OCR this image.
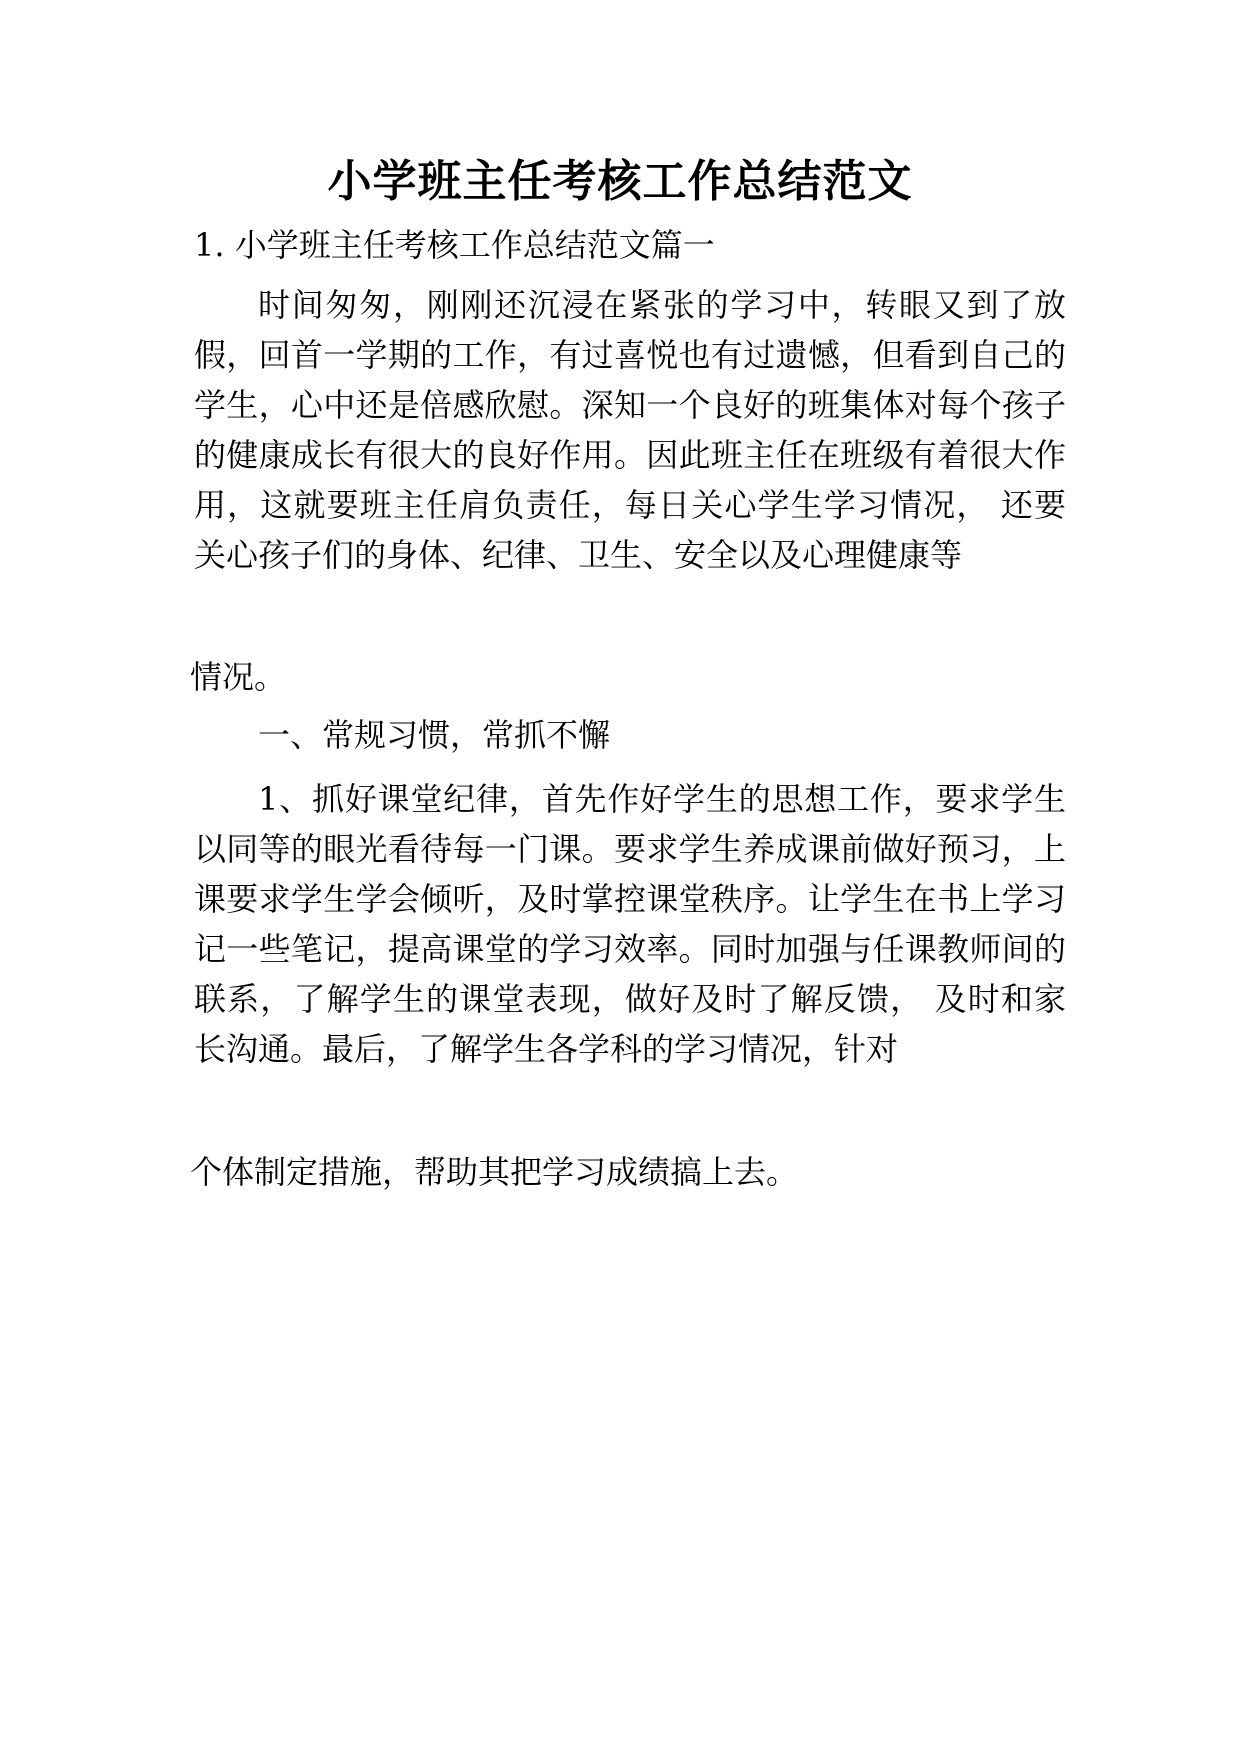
小学班主任考核工作总结范文

1. 小学班主任考核工作总结范文篇一

时间匆匆，刚刚还沉浸在紧张的学习中，转眼又到了放假，回首一学期的工作，有过喜悦也有过遗憾，但看到自己的学生，心中还是倍感欣慰。深知一个良好的班集体对每个孩子的健康成长有很大的良好作用。因此班主任在班级有着很大作用，这就要班主任肩负责任，每日关心学生学习情况， 还要关心孩子们的身体、纪律、卫生、安全以及心理健康等

情况。

一、常规习惯，常抓不懈

1、抓好课堂纪律，首先作好学生的思想工作，要求学生以同等的眼光看待每一门课。要求学生养成课前做好预习，上课要求学生学会倾听，及时掌控课堂秩序。让学生在书上学习记一些笔记，提高课堂的学习效率。同时加强与任课教师间的联系，了解学生的课堂表现，做好及时了解反馈， 及时和家长沟通。最后，了解学生各学科的学习情况，针对

个体制定措施，帮助其把学习成绩搞上去。
